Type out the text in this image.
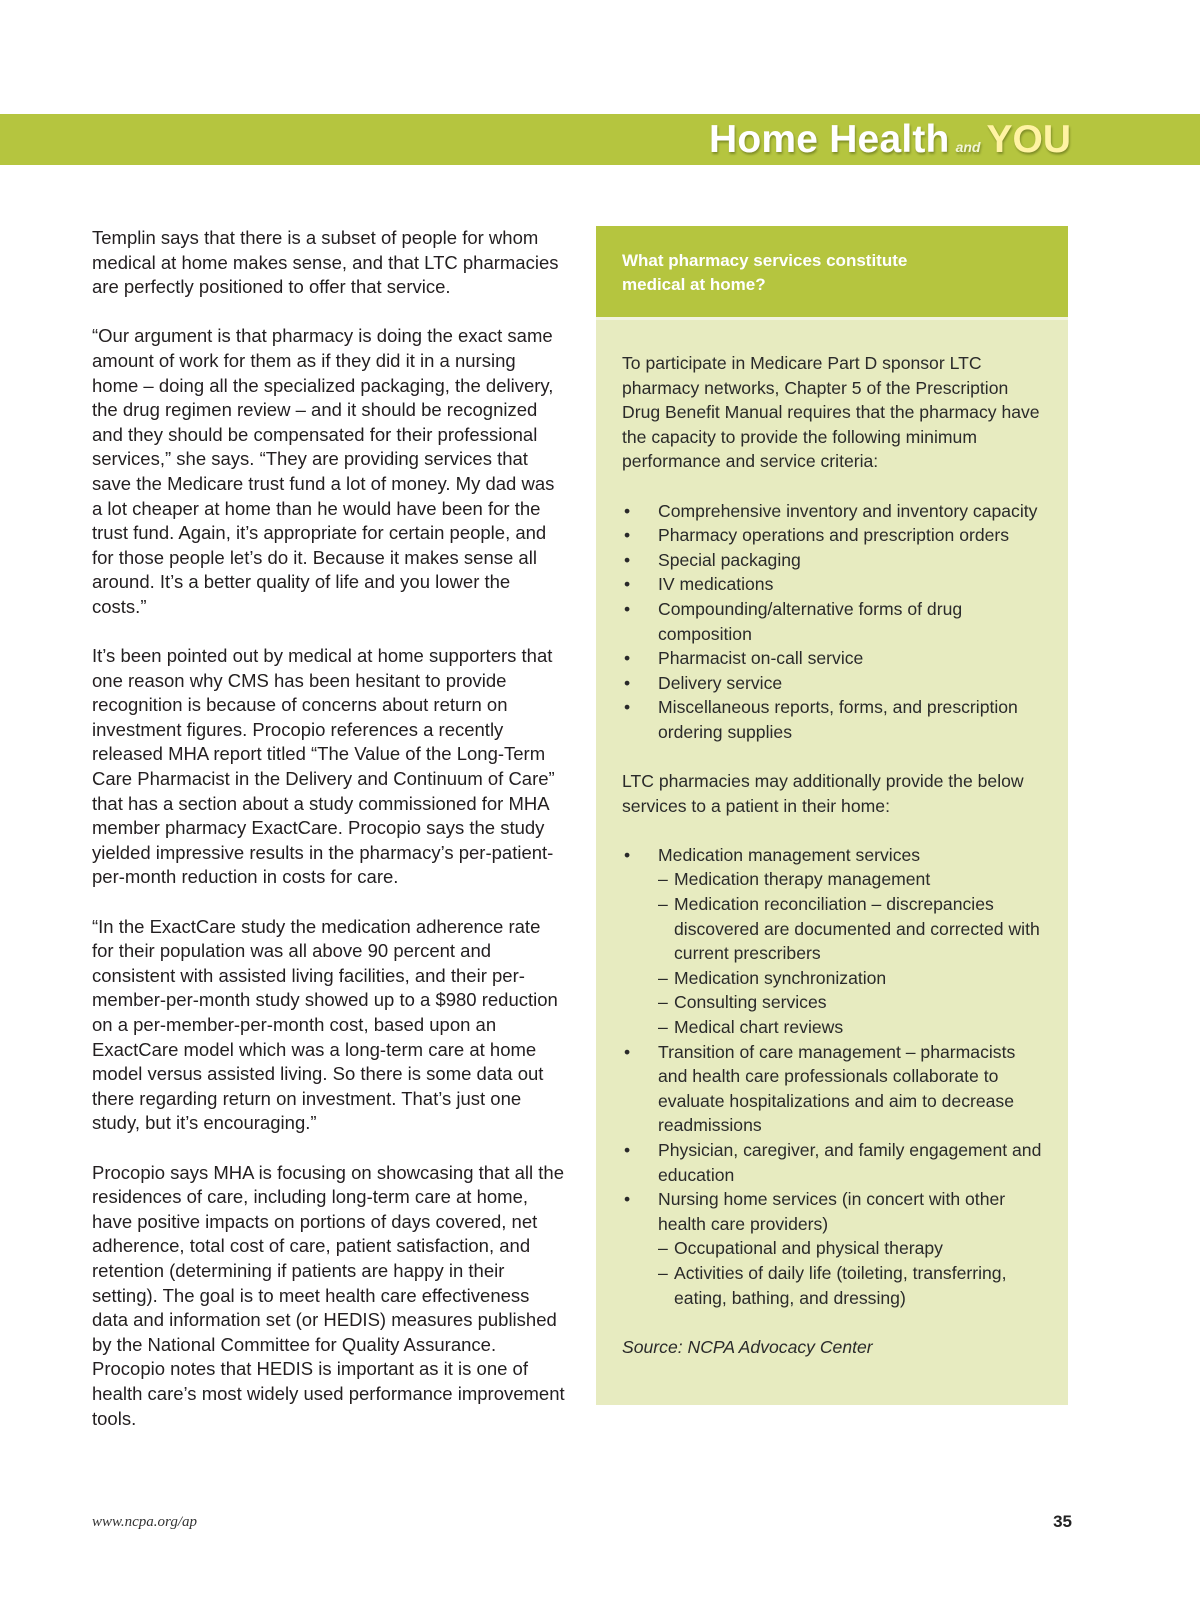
Home Health and YOU

Templin says that there is a subset of people for whom medical at home makes sense, and that LTC pharmacies are perfectly positioned to offer that service.

“Our argument is that pharmacy is doing the exact same amount of work for them as if they did it in a nursing home – doing all the specialized packaging, the delivery, the drug regimen review – and it should be recognized and they should be compensated for their professional services,” she says. “They are providing services that save the Medicare trust fund a lot of money. My dad was a lot cheaper at home than he would have been for the trust fund. Again, it’s appropriate for certain people, and for those people let’s do it. Because it makes sense all around. It’s a better quality of life and you lower the costs.”

It’s been pointed out by medical at home supporters that one reason why CMS has been hesitant to provide recognition is because of concerns about return on investment figures. Procopio references a recently released MHA report titled “The Value of the Long-Term Care Pharmacist in the Delivery and Continuum of Care” that has a section about a study commissioned for MHA member pharmacy ExactCare. Procopio says the study yielded impressive results in the pharmacy’s per-patient-per-month reduction in costs for care.

“In the ExactCare study the medication adherence rate for their population was all above 90 percent and consistent with assisted living facilities, and their per-member-per-month study showed up to a $980 reduction on a per-member-per-month cost, based upon an ExactCare model which was a long-term care at home model versus assisted living. So there is some data out there regarding return on investment. That’s just one study, but it’s encouraging.”

Procopio says MHA is focusing on showcasing that all the residences of care, including long-term care at home, have positive impacts on portions of days covered, net adherence, total cost of care, patient satisfaction, and retention (determining if patients are happy in their setting). The goal is to meet health care effectiveness data and information set (or HEDIS) measures published by the National Committee for Quality Assurance. Procopio notes that HEDIS is important as it is one of health care’s most widely used performance improvement tools.

What pharmacy services constitute
medical at home?

To participate in Medicare Part D sponsor LTC pharmacy networks, Chapter 5 of the Prescription Drug Benefit Manual requires that the pharmacy have the capacity to provide the following minimum performance and service criteria:

• Comprehensive inventory and inventory capacity
• Pharmacy operations and prescription orders
• Special packaging
• IV medications
• Compounding/alternative forms of drug composition
• Pharmacist on-call service
• Delivery service
• Miscellaneous reports, forms, and prescription ordering supplies

LTC pharmacies may additionally provide the below services to a patient in their home:

• Medication management services
– Medication therapy management
– Medication reconciliation – discrepancies discovered are documented and corrected with current prescribers
– Medication synchronization
– Consulting services
– Medical chart reviews
• Transition of care management – pharmacists and health care professionals collaborate to evaluate hospitalizations and aim to decrease readmissions
• Physician, caregiver, and family engagement and education
• Nursing home services (in concert with other health care providers)
– Occupational and physical therapy
– Activities of daily life (toileting, transferring, eating, bathing, and dressing)

Source: NCPA Advocacy Center

www.ncpa.org/ap	35
